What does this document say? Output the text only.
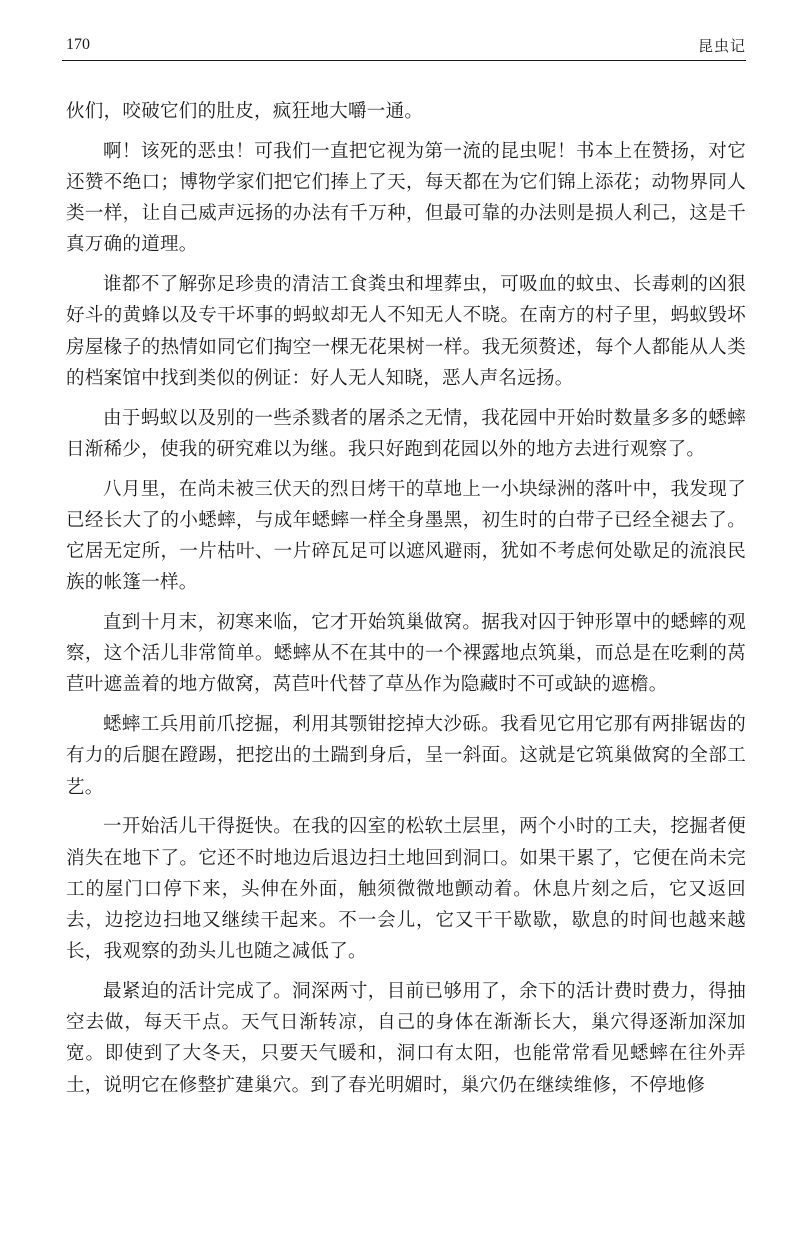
170	昆虫记

伙们，咬破它们的肚皮，疯狂地大嚼一通。

啊！该死的恶虫！可我们一直把它视为第一流的昆虫呢！书本上在赞扬，对它还赞不绝口；博物学家们把它们捧上了天，每天都在为它们锦上添花；动物界同人类一样，让自己威声远扬的办法有千万种，但最可靠的办法则是损人利己，这是千真万确的道理。

谁都不了解弥足珍贵的清洁工食粪虫和埋葬虫，可吸血的蚊虫、长毒刺的凶狠好斗的黄蜂以及专干坏事的蚂蚁却无人不知无人不晓。在南方的村子里，蚂蚁毁坏房屋椽子的热情如同它们掏空一棵无花果树一样。我无须赘述，每个人都能从人类的档案馆中找到类似的例证：好人无人知晓，恶人声名远扬。

由于蚂蚁以及别的一些杀戮者的屠杀之无情，我花园中开始时数量多多的蟋蟀日渐稀少，使我的研究难以为继。我只好跑到花园以外的地方去进行观察了。

八月里，在尚未被三伏天的烈日烤干的草地上一小块绿洲的落叶中，我发现了已经长大了的小蟋蟀，与成年蟋蟀一样全身墨黑，初生时的白带子已经全褪去了。它居无定所，一片枯叶、一片碎瓦足可以遮风避雨，犹如不考虑何处歇足的流浪民族的帐篷一样。

直到十月末，初寒来临，它才开始筑巢做窝。据我对囚于钟形罩中的蟋蟀的观察，这个活儿非常简单。蟋蟀从不在其中的一个裸露地点筑巢，而总是在吃剩的莴苣叶遮盖着的地方做窝，莴苣叶代替了草丛作为隐藏时不可或缺的遮檐。

蟋蟀工兵用前爪挖掘，利用其颚钳挖掉大沙砾。我看见它用它那有两排锯齿的有力的后腿在蹬踢，把挖出的土踹到身后，呈一斜面。这就是它筑巢做窝的全部工艺。

一开始活儿干得挺快。在我的囚室的松软土层里，两个小时的工夫，挖掘者便消失在地下了。它还不时地边后退边扫土地回到洞口。如果干累了，它便在尚未完工的屋门口停下来，头伸在外面，触须微微地颤动着。休息片刻之后，它又返回去，边挖边扫地又继续干起来。不一会儿，它又干干歇歇，歇息的时间也越来越长，我观察的劲头儿也随之减低了。

最紧迫的活计完成了。洞深两寸，目前已够用了，余下的活计费时费力，得抽空去做，每天干点。天气日渐转凉，自己的身体在渐渐长大，巢穴得逐渐加深加宽。即使到了大冬天，只要天气暖和，洞口有太阳，也能常常看见蟋蟀在往外弄土，说明它在修整扩建巢穴。到了春光明媚时，巢穴仍在继续维修，不停地修
